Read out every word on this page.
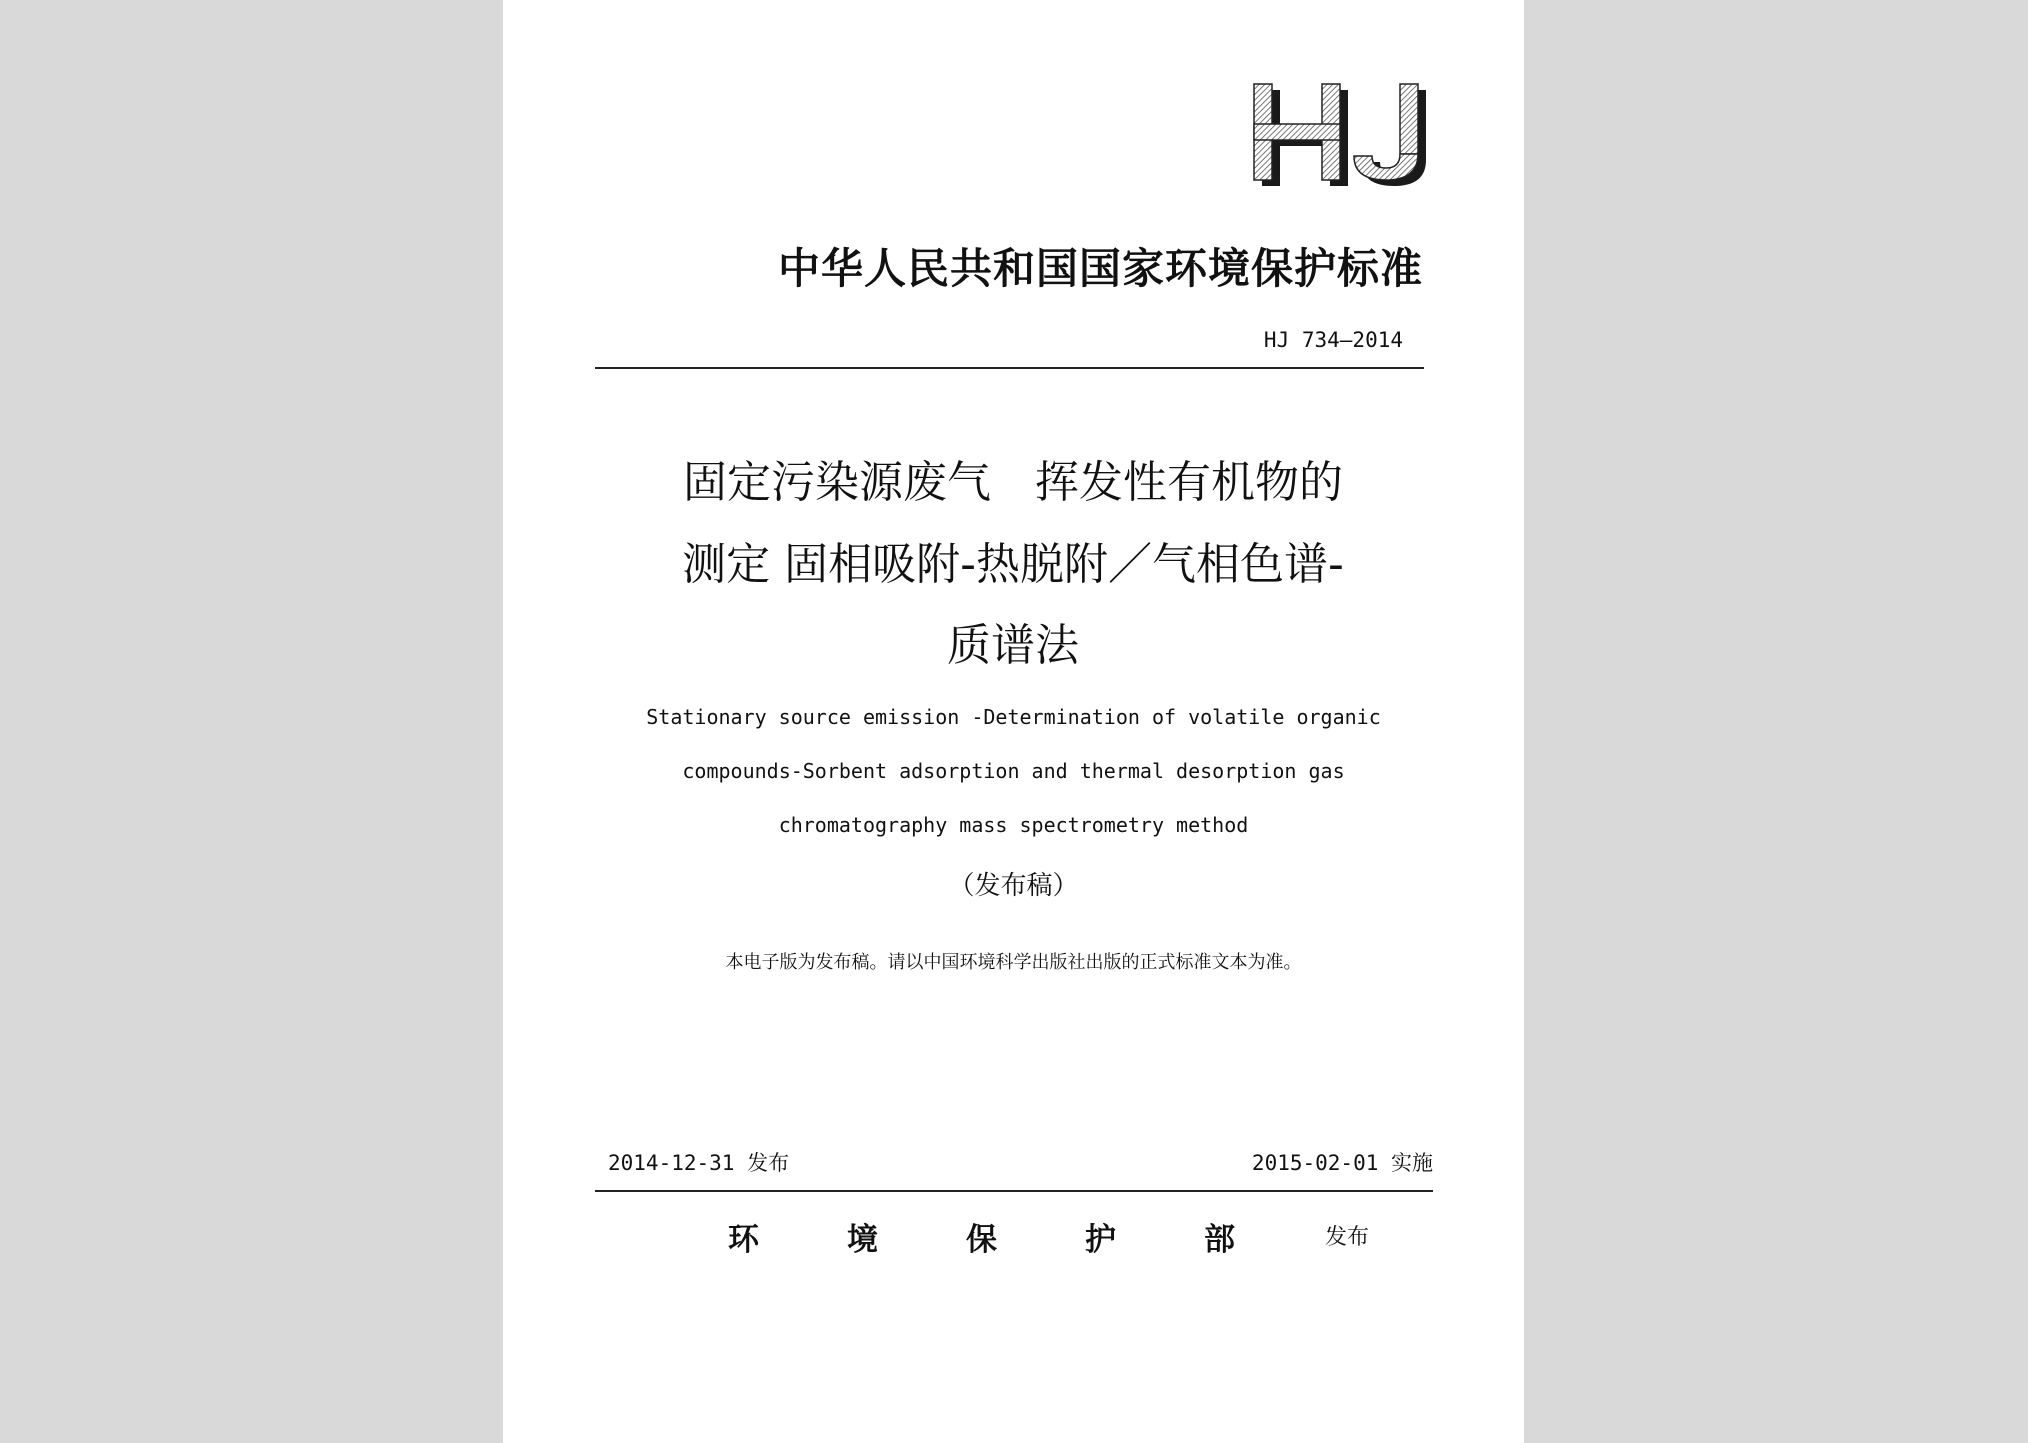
HJ
中华人民共和国国家环境保护标准
HJ 734—2014
固定污染源废气　挥发性有机物的
测定 固相吸附-热脱附／气相色谱-
质谱法
Stationary source emission -Determination of volatile organic
compounds-Sorbent adsorption and thermal desorption gas
chromatography mass spectrometry method
（发布稿）
本电子版为发布稿。请以中国环境科学出版社出版的正式标准文本为准。
2014-12-31 发布	2015-02-01 实施
环境保护部 发布
